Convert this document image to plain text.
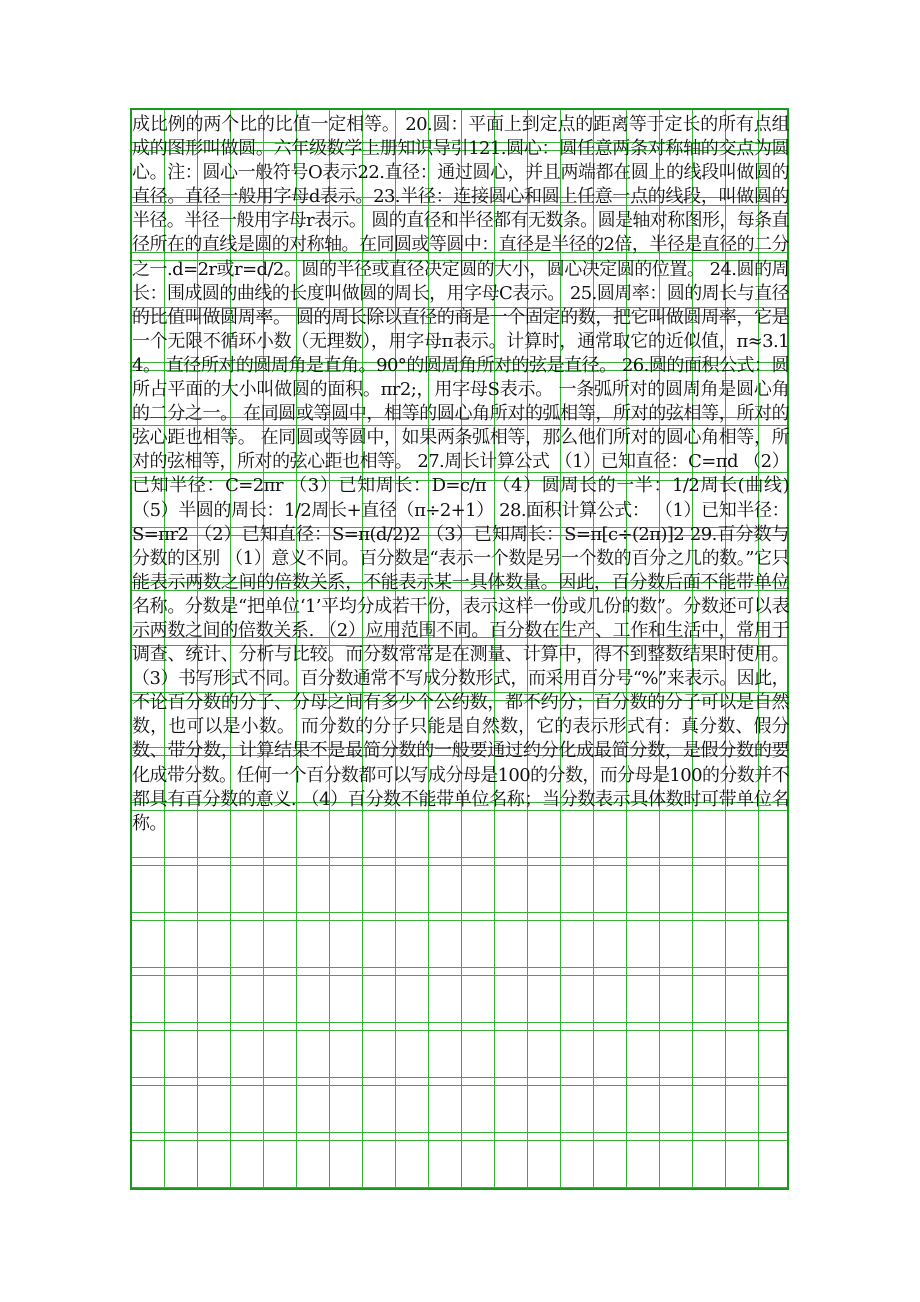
成比例的两个比的比值一定相等。 20.圆：平面上到定点的距离等于定长的所有点组成的图形叫做圆。六年级数学上册知识导引121.圆心：圆任意两条对称轴的交点为圆心。注：圆心一般符号O表示22.直径：通过圆心，并且两端都在圆上的线段叫做圆的直径。直径一般用字母d表示。23.半径：连接圆心和圆上任意一点的线段，叫做圆的半径。半径一般用字母r表示。 圆的直径和半径都有无数条。圆是轴对称图形，每条直径所在的直线是圆的对称轴。在同圆或等圆中：直径是半径的2倍，半径是直径的二分之一.d=2r或r=d/2。圆的半径或直径决定圆的大小，圆心决定圆的位置。 24.圆的周长：围成圆的曲线的长度叫做圆的周长，用字母C表示。 25.圆周率：圆的周长与直径的比值叫做圆周率。 圆的周长除以直径的商是一个固定的数，把它叫做圆周率，它是一个无限不循环小数（无理数），用字母π表示。计算时，通常取它的近似值，π≈3.14。 直径所对的圆周角是直角。90°的圆周角所对的弦是直径。 26.圆的面积公式：圆所占平面的大小叫做圆的面积。πr2;，用字母S表示。 一条弧所对的圆周角是圆心角的二分之一。 在同圆或等圆中，相等的圆心角所对的弧相等，所对的弦相等，所对的弦心距也相等。 在同圆或等圆中，如果两条弧相等，那么他们所对的圆心角相等，所对的弦相等，所对的弦心距也相等。 27.周长计算公式 （1）已知直径：C=πd （2）已知半径：C=2πr （3）已知周长：D=c/π （4）圆周长的一半：1/2周长(曲线) （5）半圆的周长：1/2周长+直径（π÷2+1） 28.面积计算公式： （1）已知半径：S=πr2 （2）已知直径：S=π(d/2)2 （3）已知周长：S=π[c÷(2π)]2 29.百分数与分数的区别 （1）意义不同。百分数是“表示一个数是另一个数的百分之几的数。”它只能表示两数之间的倍数关系，不能表示某一具体数量。因此，百分数后面不能带单位名称。分数是“把单位‘1’平均分成若干份，表示这样一份或几份的数”。分数还可以表示两数之间的倍数关系. （2）应用范围不同。百分数在生产、工作和生活中，常用于调查、统计、分析与比较。而分数常常是在测量、计算中，得不到整数结果时使用。 （3）书写形式不同。百分数通常不写成分数形式，而采用百分号“%”来表示。因此，不论百分数的分子、分母之间有多少个公约数，都不约分；百分数的分子可以是自然数，也可以是小数。 而分数的分子只能是自然数，它的表示形式有：真分数、假分数、带分数，计算结果不是最简分数的一般要通过约分化成最简分数，是假分数的要化成带分数。任何一个百分数都可以写成分母是100的分数，而分母是100的分数并不都具有百分数的意义. （4）百分数不能带单位名称；当分数表示具体数时可带单位名称。
